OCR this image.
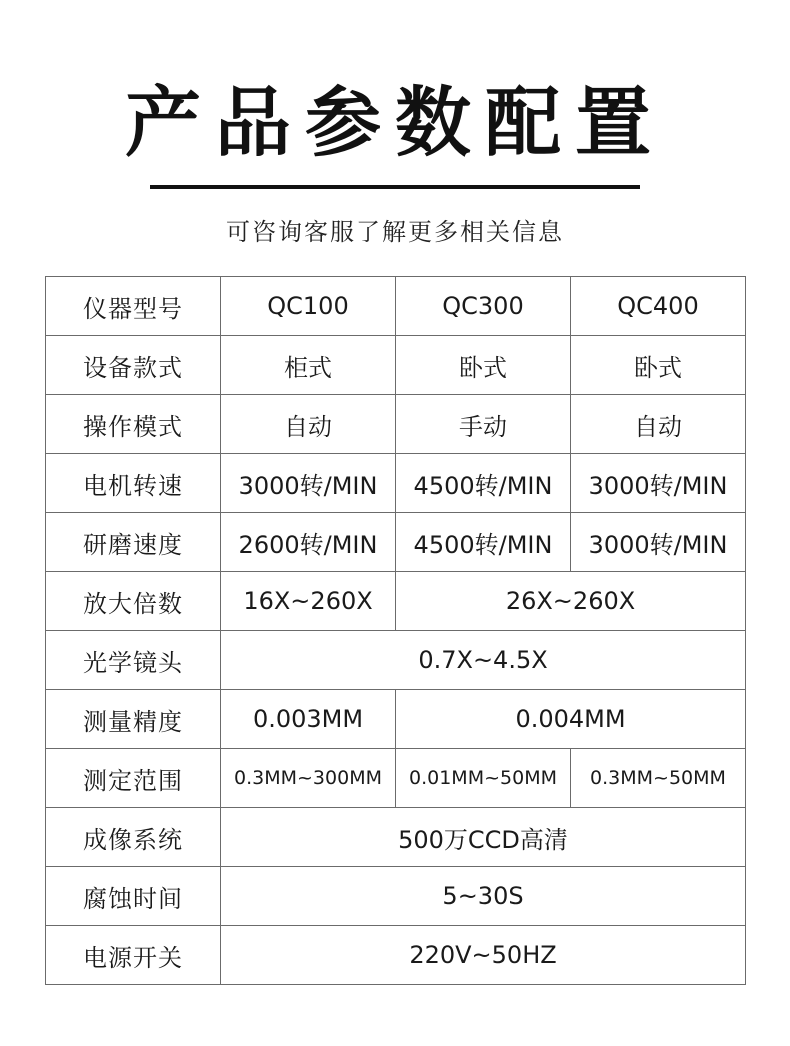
产品参数配置
可咨询客服了解更多相关信息
仪器型号	QC100	QC300	QC400
设备款式	柜式	卧式	卧式
操作模式	自动	手动	自动
电机转速	3000转/MIN	4500转/MIN	3000转/MIN
研磨速度	2600转/MIN	4500转/MIN	3000转/MIN
放大倍数	16X~260X	26X~260X	
光学镜头	0.7X~4.5X		
测量精度	0.003MM	0.004MM	
测定范围	0.3MM~300MM	0.01MM~50MM	0.3MM~50MM
成像系统	500万CCD高清		
腐蚀时间	5~30S		
电源开关	220V~50HZ		
